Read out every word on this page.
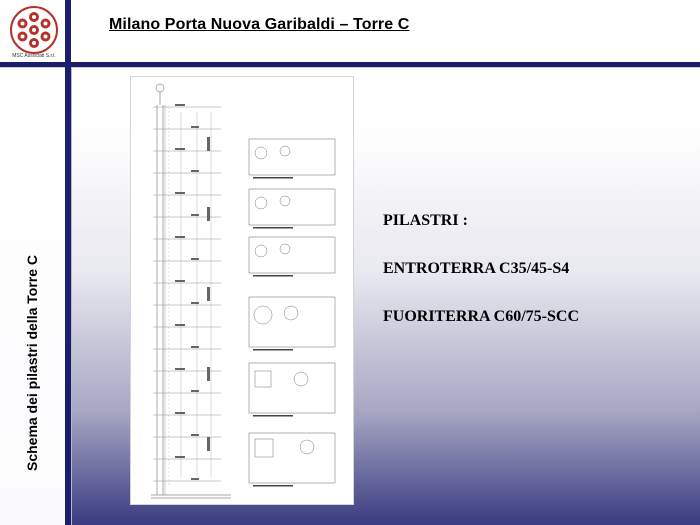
MSC Associati S.r.l.
Milano Porta Nuova Garibaldi – Torre C
Schema dei pilastri della Torre C
PILASTRI :
ENTROTERRA C35/45-S4
FUORITERRA C60/75-SCC
